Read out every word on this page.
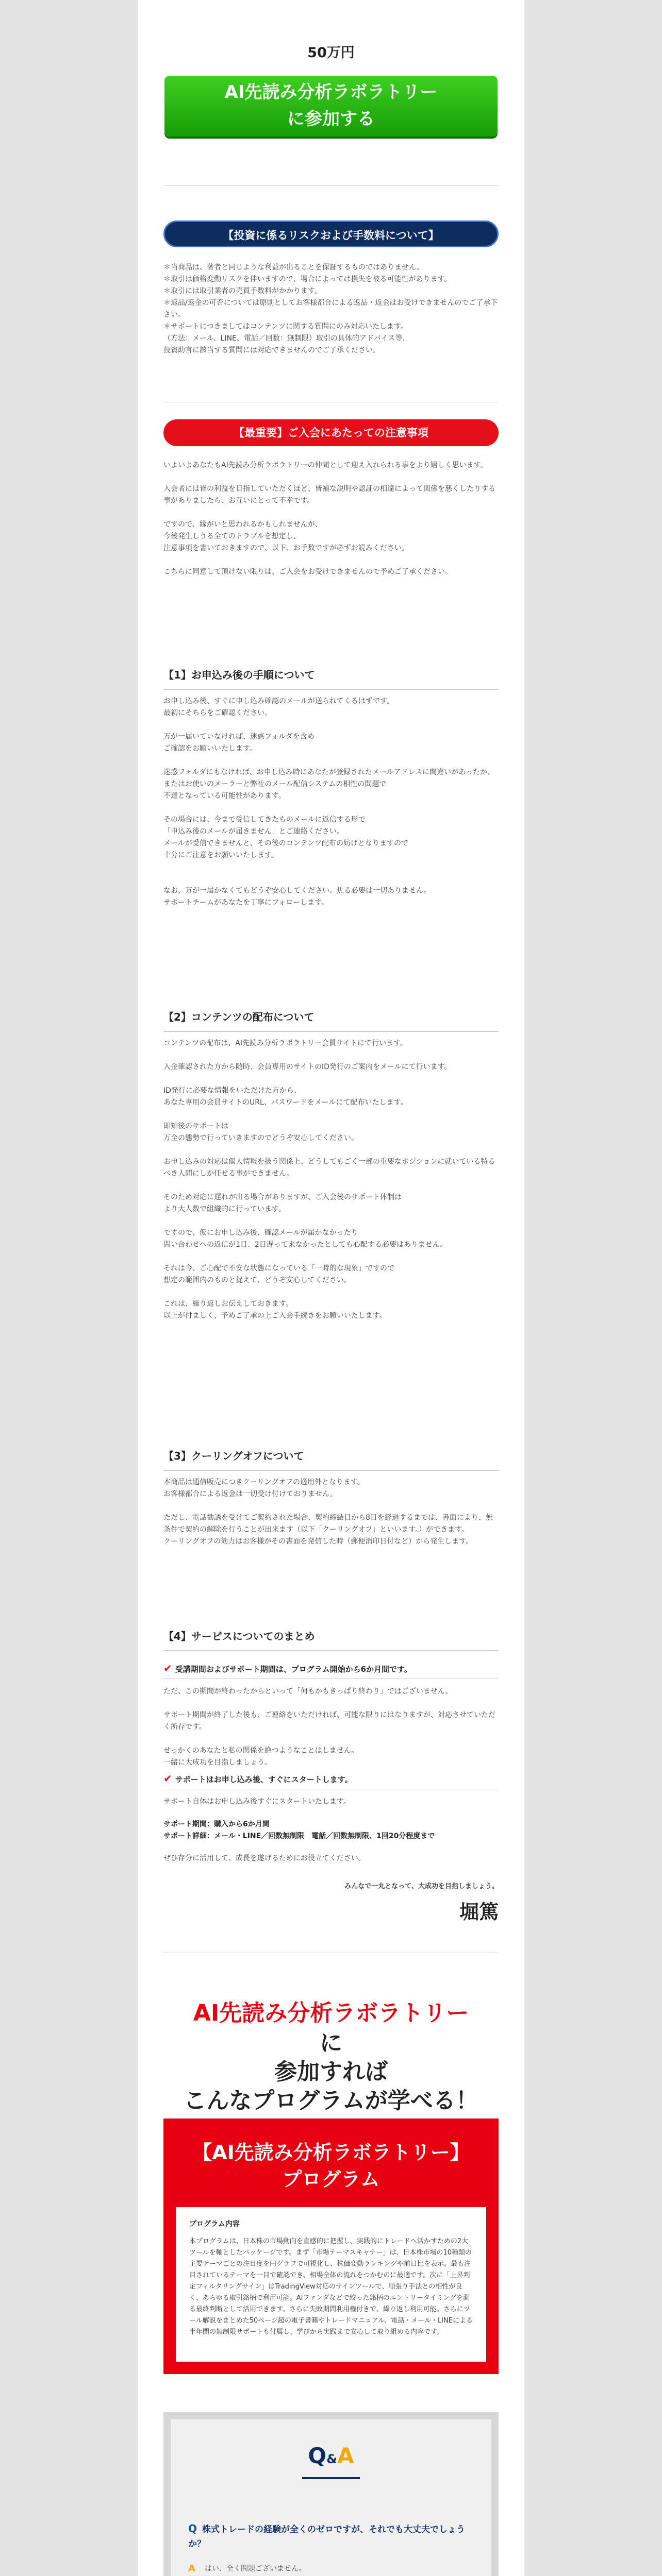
50万円
AI先読み分析ラボラトリー
に参加する
【投資に係るリスクおよび手数料について】
＊当商品は、著者と同じような利益が出ることを保証するものではありません。
＊取引は価格変動リスクを伴いますので、場合によっては損失を被る可能性があります。
＊取引には取引業者の売買手数料がかかります。
＊返品/返金の可否については原則としてお客様都合による返品・返金はお受けできませんのでご了承下さい。
＊サポートにつきましてはコンテンツに関する質問にのみ対応いたします。
（方法：メール、LINE、電話／回数：無制限）取引の具体的アドバイス等、
投資助言に該当する質問には対応できませんのでご了承ください。
【最重要】ご入会にあたっての注意事項
いよいよあなたもAI先読み分析ラボラトリーの仲間として迎え入れられる事をより嬉しく思います。

入会者には皆の利益を目指していただくほど、皆補な説明や認証の相違によって関係を悪くしたりする事がありましたら、お互いにとって不幸です。

ですので、縁がいと思われるかもしれませんが、
今後発生しうる全てのトラブルを想定し、
注意事項を書いておきますので、以下、お手数ですが必ずお読みください。

こちらに同意して頂けない限りは、ご入会をお受けできませんので予めご了承ください。
【1】お申込み後の手順について
お申し込み後、すぐに申し込み確認のメールが送られてくるはずです。
最初にそちらをご確認ください。

万が一届いていなければ、迷惑フォルダを含め
ご確認をお願いいたします。

迷惑フォルダにもなければ、お申し込み時にあなたが登録されたメールアドレスに間違いがあったか、
またはお使いのメーラーと弊社のメール配信システムの相性の問題で
不達となっている可能性があります。

その場合には、今まで受信してきたものメールに返信する形で
「申込み後のメールが届きません」とご連絡ください。
メールが受信できませんと、その後のコンテンツ配布の妨げとなりますので
十分にご注意をお願いいたします。

なお、万が一届かなくてもどうぞ安心してください。焦る必要は一切ありません。
サポートチームがあなたを丁寧にフォローします。
【2】コンテンツの配布について
コンテンツの配布は、AI先読み分析ラボラトリー会員サイトにて行います。

入金確認された方から随時、会員専用のサイトのID発行のご案内をメールにて行います。

ID発行に必要な情報をいただけた方から、
あなた専用の会員サイトのURL、パスワードをメールにて配布いたします。

即知後のサポートは
万全の態勢で行っていきますのでどうぞ安心してください。

お申し込みの対応は個人情報を扱う関係上、どうしてもごく一部の重要なポジションに就いている特るべき人間にしか任せる事ができません。

そのため対応に遅れが出る場合がありますが、ご入会後のサポート体制は
より大人数で組織的に行っています。

ですので、仮にお申し込み後、確認メールが届かなかったり
問い合わせへの返信が1日、2日遅って来なかったとしても心配する必要はありません。

それは今、ご心配で不安な状態になっている「一時的な現象」ですので
想定の範囲内のものと捉えて、どうぞ安心してください。

これは、繰り返しお伝えしておきます。
以上が付ましく、予めご了承の上ご入会手続きをお願いいたします。
【3】クーリングオフについて
本商品は通信販売につきクーリングオフの適用外となります。
お客様都合による返金は一切受け付けておりません。

ただし、電話勧誘を受けてご契約された場合、契約締結日から8日を経過するまでは、書面により、無条件で契約の解除を行うことが出来ます（以下「クーリングオフ」といいます。）ができます。
クーリングオフの効力はお客様がその書面を発信した時（郵便消印日付など）から発生します。
【4】サービスについてのまとめ
✔ 受講期間およびサポート期間は、プログラム開始から6か月間です。
ただ、この期間が終わったからといって「何もかもきっぱり終わり」ではございません。

サポート期間が終了した後も、ご連絡をいただければ、可能な限りにはなりますが、対応させていただく所存です。

せっかくのあなたと私の関係を絶つようなことはしません。
一緒に大成功を目指しましょう。
✔ サポートはお申し込み後、すぐにスタートします。
サポート自体はお申し込み後すぐにスタートいたします。
サポート期間：購入から6か月間
サポート詳細：メール・LINE／回数無制限　電話／回数無制限、1回20分程度まで
ぜひ存分に活用して、成長を遂げるためにお役立てください。
みんなで一丸となって、大成功を目指しましょう。
堀篤
AI先読み分析ラボラトリー
に
参加すれば
こんなプログラムが学べる！
【AI先読み分析ラボラトリー】
プログラム
プログラム内容
本プログラムは、日本株の市場動向を直感的に把握し、実践的にトレードへ活かすための2大ツールを軸としたパッケージです。まず「市場テーマスキャナー」は、日本株市場の10種類の主要テーマごとの注目度を円グラフで可視化し、株価変動ランキングや前日比を表示。最も注目されているテーマを一目で確認でき、相場全体の流れをつかむのに最適です。次に「上昇判定フィルタリングサイン」はTradingView対応のサインツールで、順張り手法との相性が良く、あらゆる取引銘柄で利用可能。AIファンダなどで絞った銘柄のエントリータイミングを測る最終判断として活用できます。さらに失敗期間利用権付きで、繰り返し利用可能。さらにツール解説をまとめた50ページ超の電子書籍やトレードマニュアル、電話・メール・LINEによる半年間の無制限サポートも付属し、学びから実践まで安心して取り組める内容です。
Q&A
Q 株式トレードの経験が全くのゼロですが、それでも大丈夫でしょうか？
A はい、全く問題ございません。
